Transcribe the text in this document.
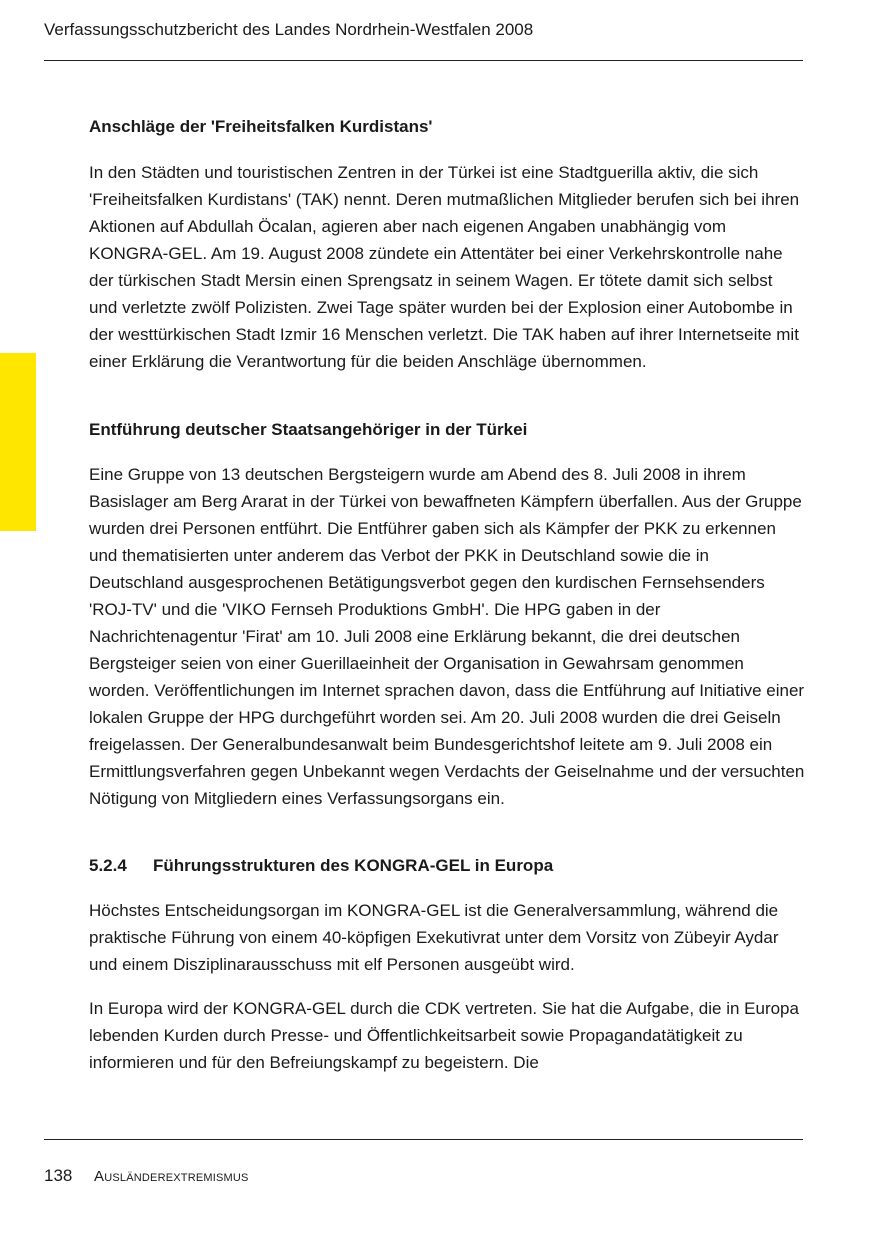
Verfassungsschutzbericht des Landes Nordrhein-Westfalen 2008
Anschläge der 'Freiheitsfalken Kurdistans'

In den Städten und touristischen Zentren in der Türkei ist eine Stadtguerilla aktiv, die sich 'Freiheitsfalken Kurdistans' (TAK) nennt. Deren mutmaßlichen Mitglieder berufen sich bei ihren Aktionen auf Abdullah Öcalan, agieren aber nach eigenen Angaben unabhängig vom KONGRA-GEL. Am 19. August 2008 zündete ein Attentäter bei einer Verkehrskontrolle nahe der türkischen Stadt Mersin einen Sprengsatz in seinem Wagen. Er tötete damit sich selbst und verletzte zwölf Polizisten. Zwei Tage später wurden bei der Explosion einer Autobombe in der westtürkischen Stadt Izmir 16 Menschen verletzt. Die TAK haben auf ihrer Internetseite mit einer Erklärung die Verantwortung für die beiden Anschläge übernommen.

Entführung deutscher Staatsangehöriger in der Türkei

Eine Gruppe von 13 deutschen Bergsteigern wurde am Abend des 8. Juli 2008 in ihrem Basislager am Berg Ararat in der Türkei von bewaffneten Kämpfern überfallen. Aus der Gruppe wurden drei Personen entführt. Die Entführer gaben sich als Kämpfer der PKK zu erkennen und thematisierten unter anderem das Verbot der PKK in Deutschland sowie die in Deutschland ausgesprochenen Betätigungsverbot gegen den kurdischen Fernsehsenders 'ROJ-TV' und die 'VIKO Fernseh Produktions GmbH'. Die HPG gaben in der Nachrichtenagentur 'Firat' am 10. Juli 2008 eine Erklärung bekannt, die drei deutschen Bergsteiger seien von einer Guerillaeinheit der Organisation in Gewahrsam genommen worden. Veröffentlichungen im Internet sprachen davon, dass die Entführung auf Initiative einer lokalen Gruppe der HPG durchgeführt worden sei. Am 20. Juli 2008 wurden die drei Geiseln freigelassen. Der Generalbundesanwalt beim Bundesgerichtshof leitete am 9. Juli 2008 ein Ermittlungsverfahren gegen Unbekannt wegen Verdachts der Geiselnahme und der versuchten Nötigung von Mitgliedern eines Verfassungsorgans ein.

5.2.4 Führungsstrukturen des KONGRA-GEL in Europa

Höchstes Entscheidungsorgan im KONGRA-GEL ist die Generalversammlung, während die praktische Führung von einem 40-köpfigen Exekutivrat unter dem Vorsitz von Zübeyir Aydar und einem Disziplinarausschuss mit elf Personen ausgeübt wird.

In Europa wird der KONGRA-GEL durch die CDK vertreten. Sie hat die Aufgabe, die in Europa lebenden Kurden durch Presse- und Öffentlichkeitsarbeit sowie Propagandatätigkeit zu informieren und für den Befreiungskampf zu begeistern. Die

138 Ausländerextremismus
